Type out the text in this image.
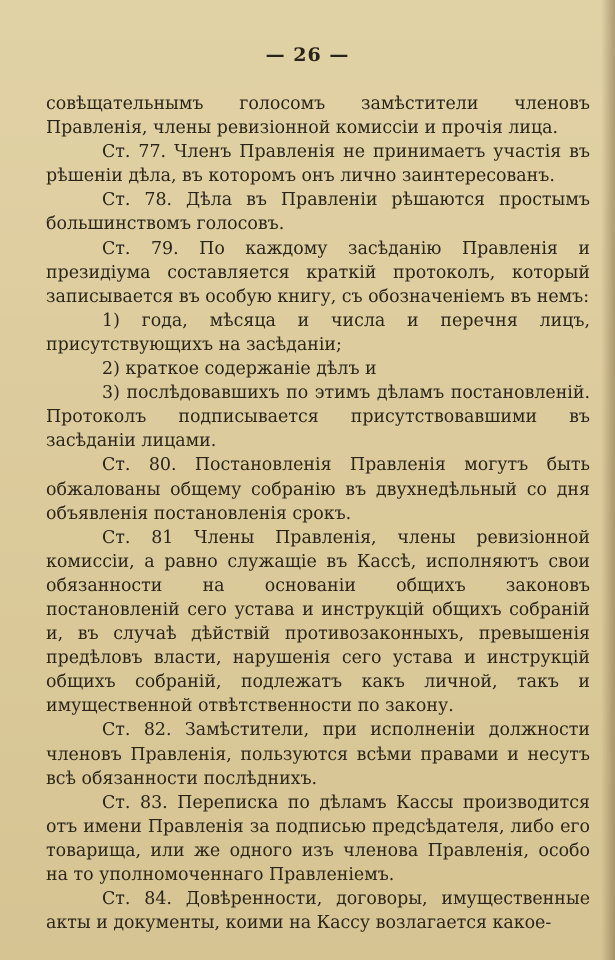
— 26 —

совѣщательнымъ голосомъ замѣстители членовъ Правленія, члены ревизіонной комиссіи и прочія лица.

Ст. 77. Членъ Правленія не принимаетъ участія въ рѣшеніи дѣла, въ которомъ онъ лично заинтересованъ.

Ст. 78. Дѣла въ Правленіи рѣшаются простымъ большинствомъ голосовъ.

Ст. 79. По каждому засѣданію Правленія и президіума составляется краткій протоколъ, который записывается въ особую книгу, съ обозначеніемъ въ немъ:

1) года, мѣсяца и числа и перечня лицъ, присутствующихъ на засѣданіи;

2) краткое содержаніе дѣлъ и

3) послѣдовавшихъ по этимъ дѣламъ постановленій. Протоколъ подписывается присутствовавшими въ засѣданіи лицами.

Ст. 80. Постановленія Правленія могутъ быть обжалованы общему собранію въ двухнедѣльный со дня объявленія постановленія срокъ.

Ст. 81 Члены Правленія, члены ревизіонной комиссіи, а равно служащіе въ Кассѣ, исполняютъ свои обязанности на основаніи общихъ законовъ постановленій сего устава и инструкцій общихъ собраній и, въ случаѣ дѣйствій противозаконныхъ, превышенія предѣловъ власти, нарушенія сего устава и инструкцій общихъ собраній, подлежатъ какъ личной, такъ и имущественной отвѣтственности по закону.

Ст. 82. Замѣстители, при исполненіи должности членовъ Правленія, пользуются всѣми правами и несутъ всѣ обязанности послѣднихъ.

Ст. 83. Переписка по дѣламъ Кассы производится отъ имени Правленія за подписью предсѣдателя, либо его товарища, или же одного изъ членова Правленія, особо на то уполномоченнаго Правленіемъ.

Ст. 84. Довѣренности, договоры, имущественные акты и документы, коими на Кассу возлагается какое-
